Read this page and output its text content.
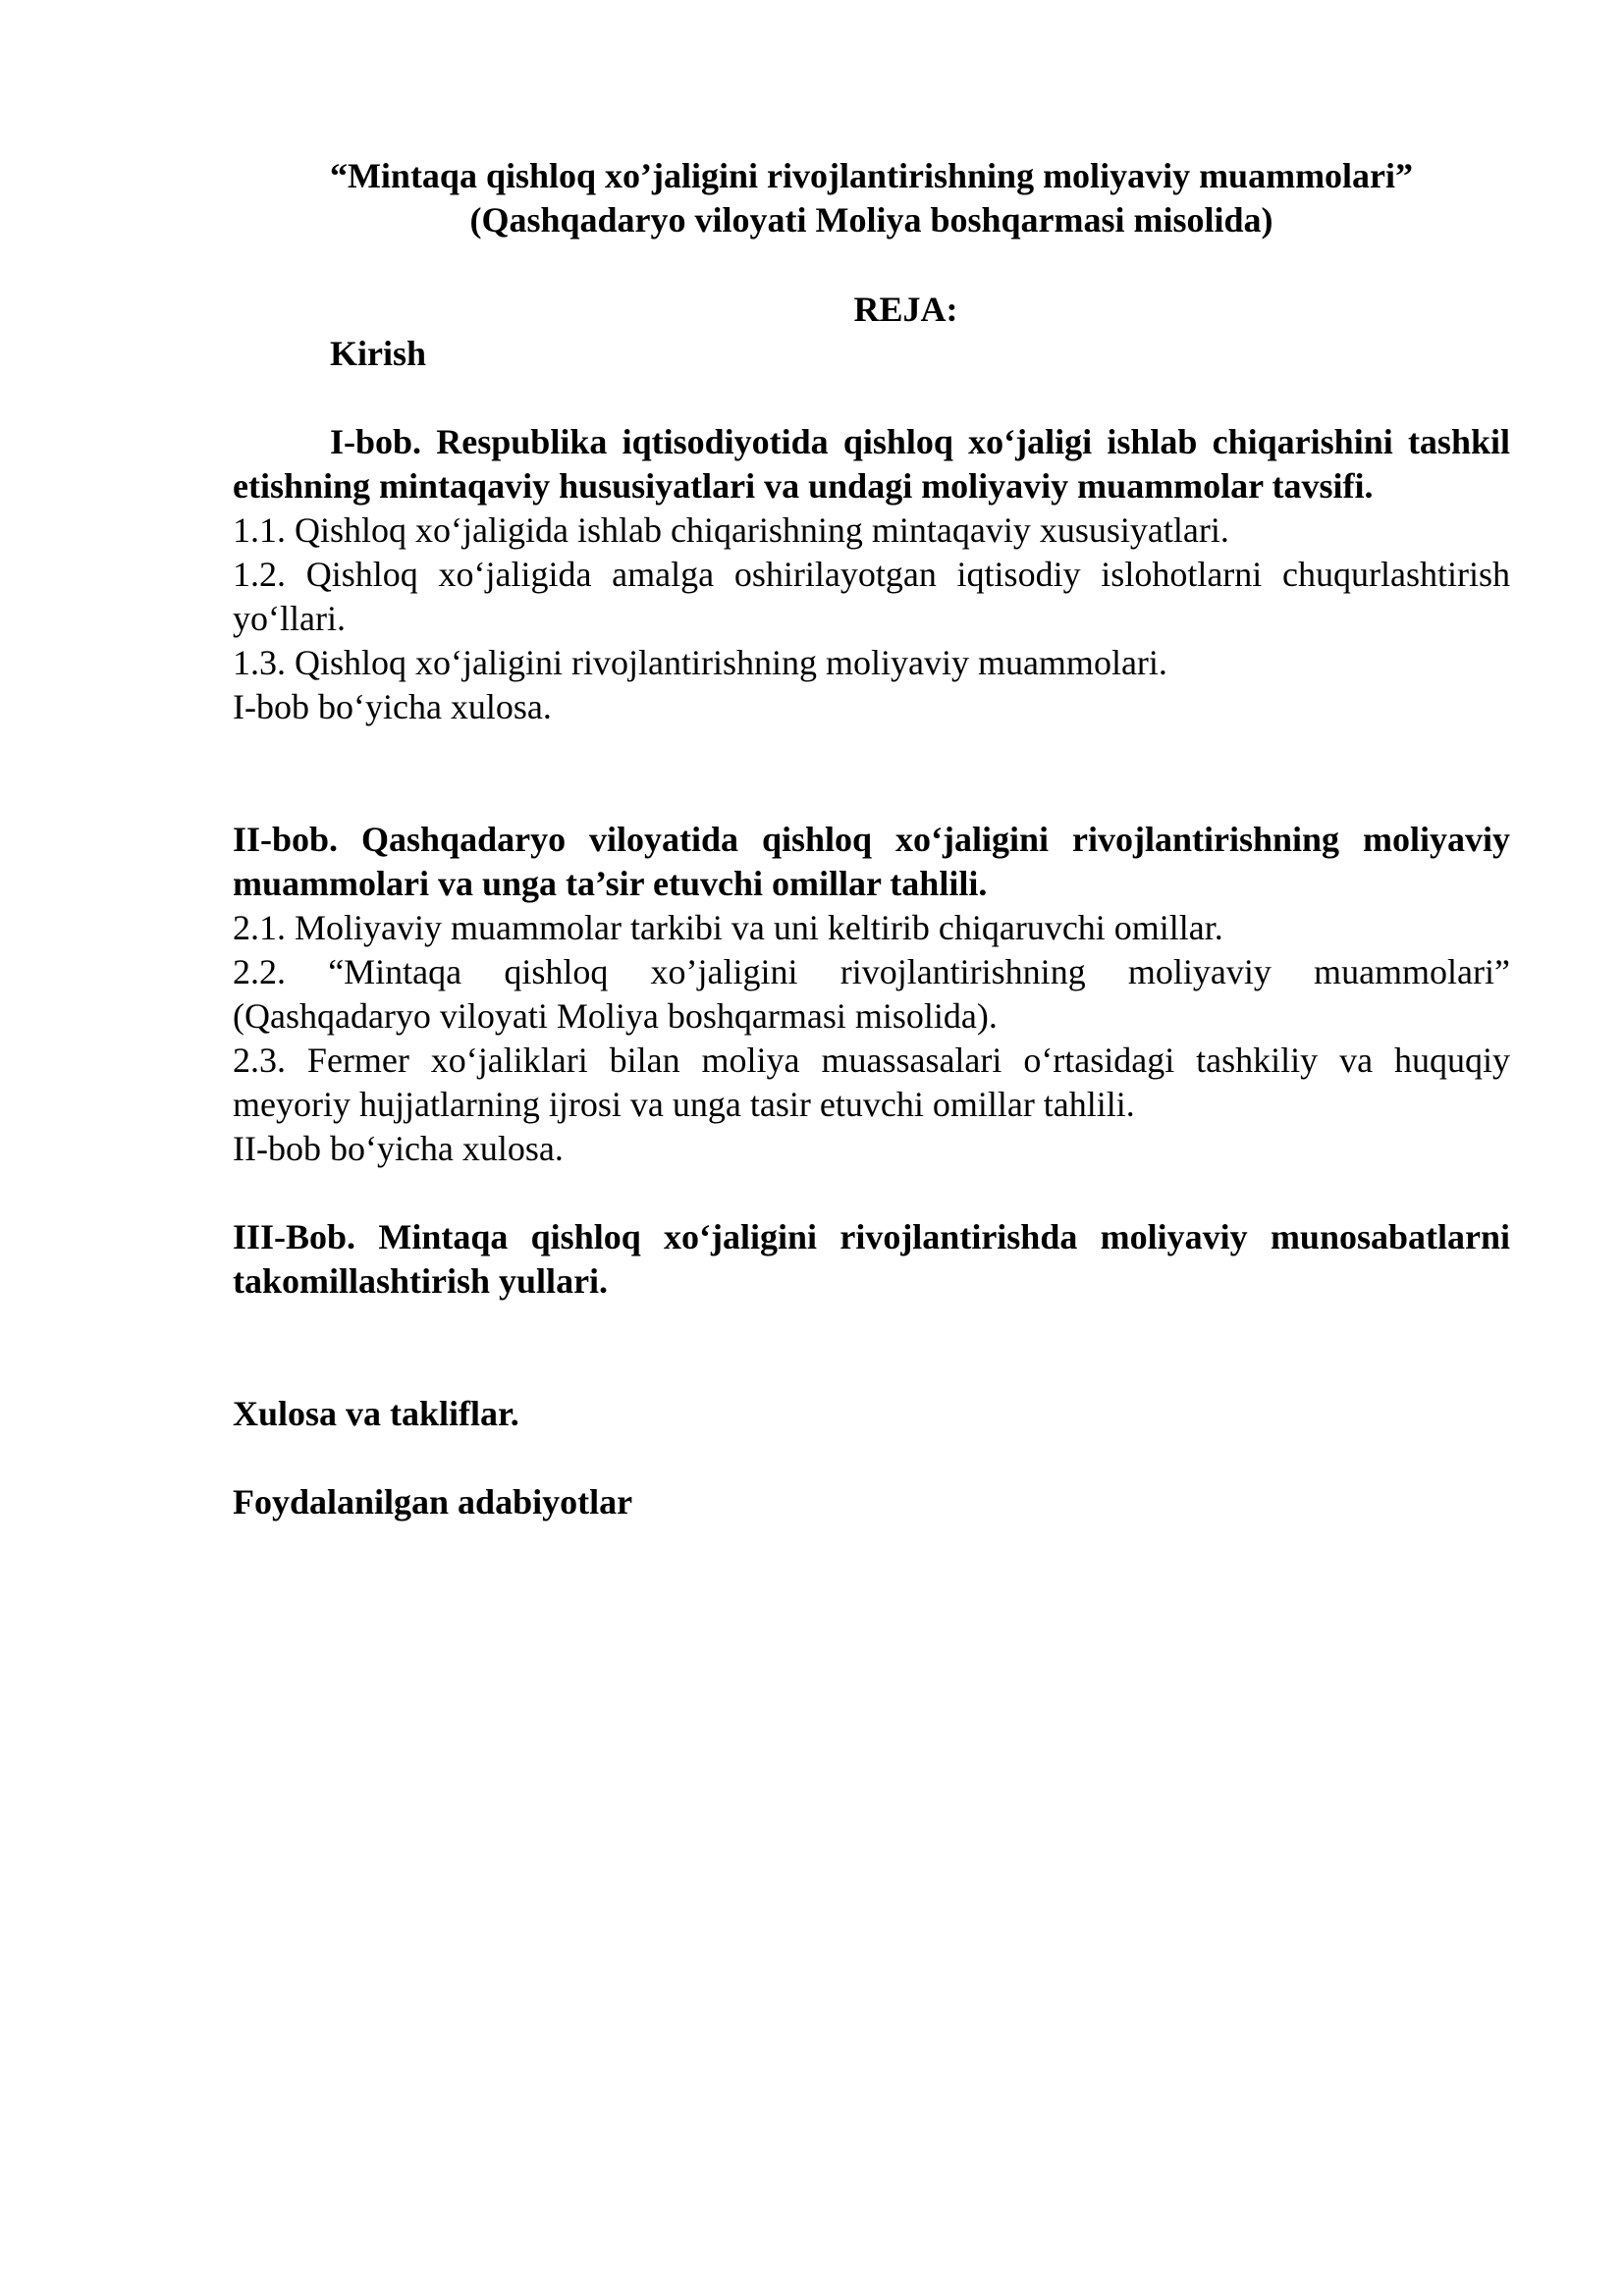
“Mintaqa qishloq xo’jaligini rivojlantirishning moliyaviy muammolari”
(Qashqadaryo viloyati Moliya boshqarmasi misolida)
REJA:
Kirish
I-bob. Respublika iqtisodiyotida qishloq xo‘jaligi ishlab chiqarishini tashkil etishning mintaqaviy hususiyatlari va undagi moliyaviy muammolar tavsifi.
1.1. Qishloq xo‘jaligida ishlab chiqarishning mintaqaviy xususiyatlari.
1.2. Qishloq xo‘jaligida amalga oshirilayotgan iqtisodiy islohotlarni chuqurlashtirish yo‘llari.
1.3. Qishloq xo‘jaligini rivojlantirishning moliyaviy muammolari.
I-bob bo‘yicha xulosa.
II-bob. Qashqadaryo viloyatida qishloq xo‘jaligini rivojlantirishning moliyaviy muammolari va unga ta’sir etuvchi omillar tahlili.
2.1. Moliyaviy muammolar tarkibi va uni keltirib chiqaruvchi omillar.
2.2. “Mintaqa qishloq xo’jaligini rivojlantirishning moliyaviy muammolari” (Qashqadaryo viloyati Moliya boshqarmasi misolida).
2.3. Fermer xo‘jaliklari bilan moliya muassasalari o‘rtasidagi tashkiliy va huquqiy meyoriy hujjatlarning ijrosi va unga tasir etuvchi omillar tahlili.
II-bob bo‘yicha xulosa.
III-Bob. Mintaqa qishloq xo‘jaligini rivojlantirishda moliyaviy munosabatlarni takomillashtirish yullari.
Xulosa va takliflar.
Foydalanilgan adabiyotlar
